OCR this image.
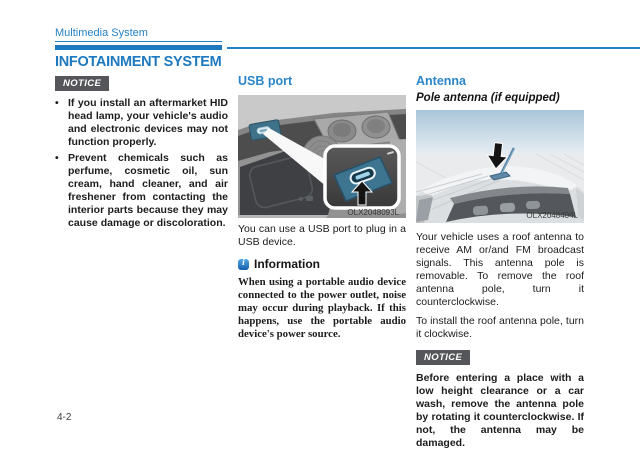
Multimedia System
INFOTAINMENT SYSTEM
NOTICE
• If you install an aftermarket HID head lamp, your vehicle's audio and electronic devices may not function properly.

• Prevent chemicals such as perfume, cosmetic oil, sun cream, hand cleaner, and air freshener from contacting the interior parts because they may cause damage or discoloration.

USB port
OLX2048093L

You can use a USB port to plug in a USB device.

i Information

When using a portable audio device connected to the power outlet, noise may occur during playback. If this happens, use the portable audio device's power source.

Antenna
Pole antenna (if equipped)
OLX2048404L

Your vehicle uses a roof antenna to receive AM or/and FM broadcast signals. This antenna pole is removable. To remove the roof antenna pole, turn it counterclockwise.

To install the roof antenna pole, turn it clockwise.

NOTICE

Before entering a place with a low height clearance or a car wash, remove the antenna pole by rotating it counterclockwise. If not, the antenna may be damaged.

4-2
